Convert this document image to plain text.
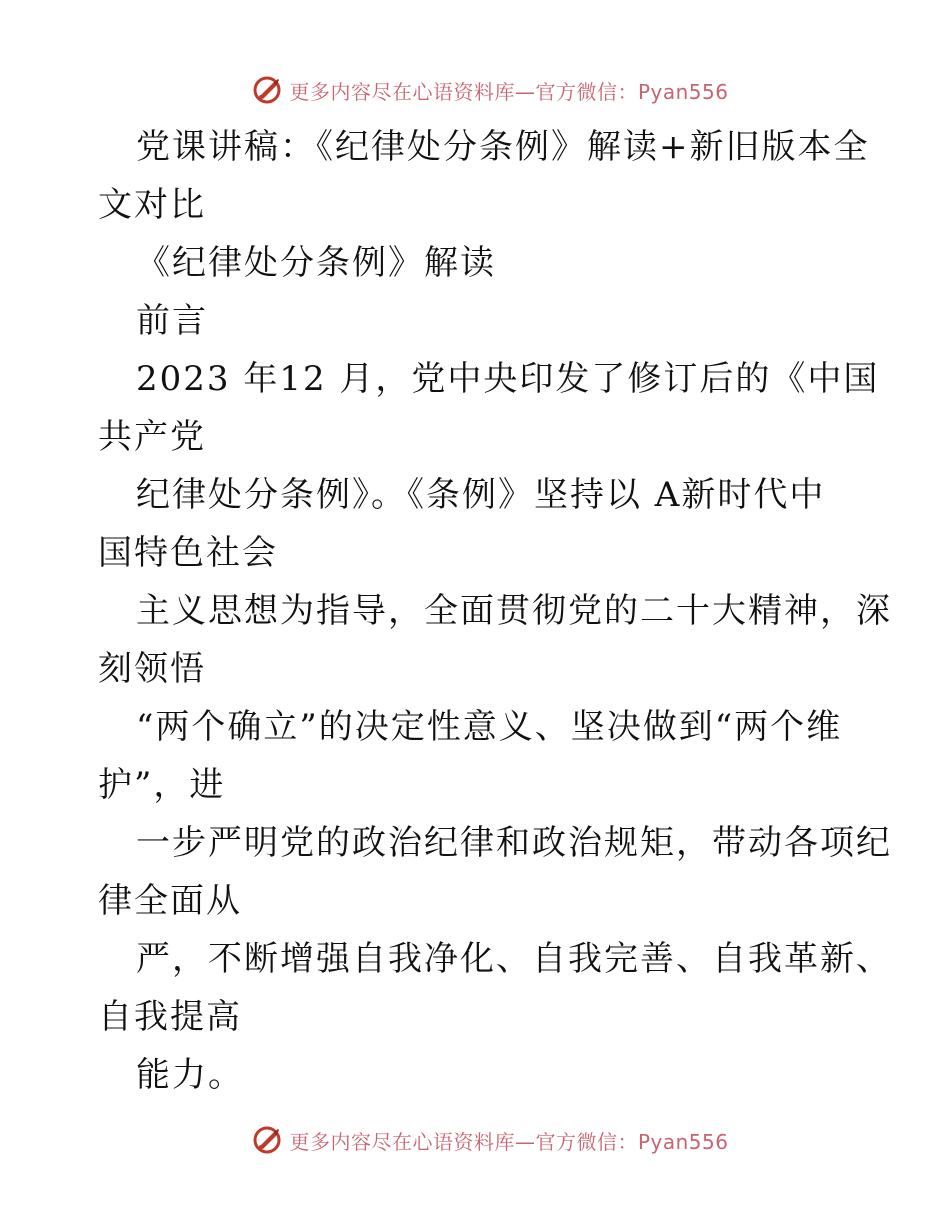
更多内容尽在心语资料库—官方微信：Pyan556
党课讲稿：《纪律处分条例》解读+新旧版本全
文对比
《纪律处分条例》解读
前言
2023 年12 月，党中央印发了修订后的《中国
共产党
纪律处分条例》。《条例》坚持以 A新时代中
国特色社会
主义思想为指导，全面贯彻党的二十大精神，深
刻领悟
“两个确立”的决定性意义、坚决做到“两个维
护”，进
一步严明党的政治纪律和政治规矩，带动各项纪
律全面从
严，不断增强自我净化、自我完善、自我革新、
自我提高
能力。
更多内容尽在心语资料库—官方微信：Pyan556
